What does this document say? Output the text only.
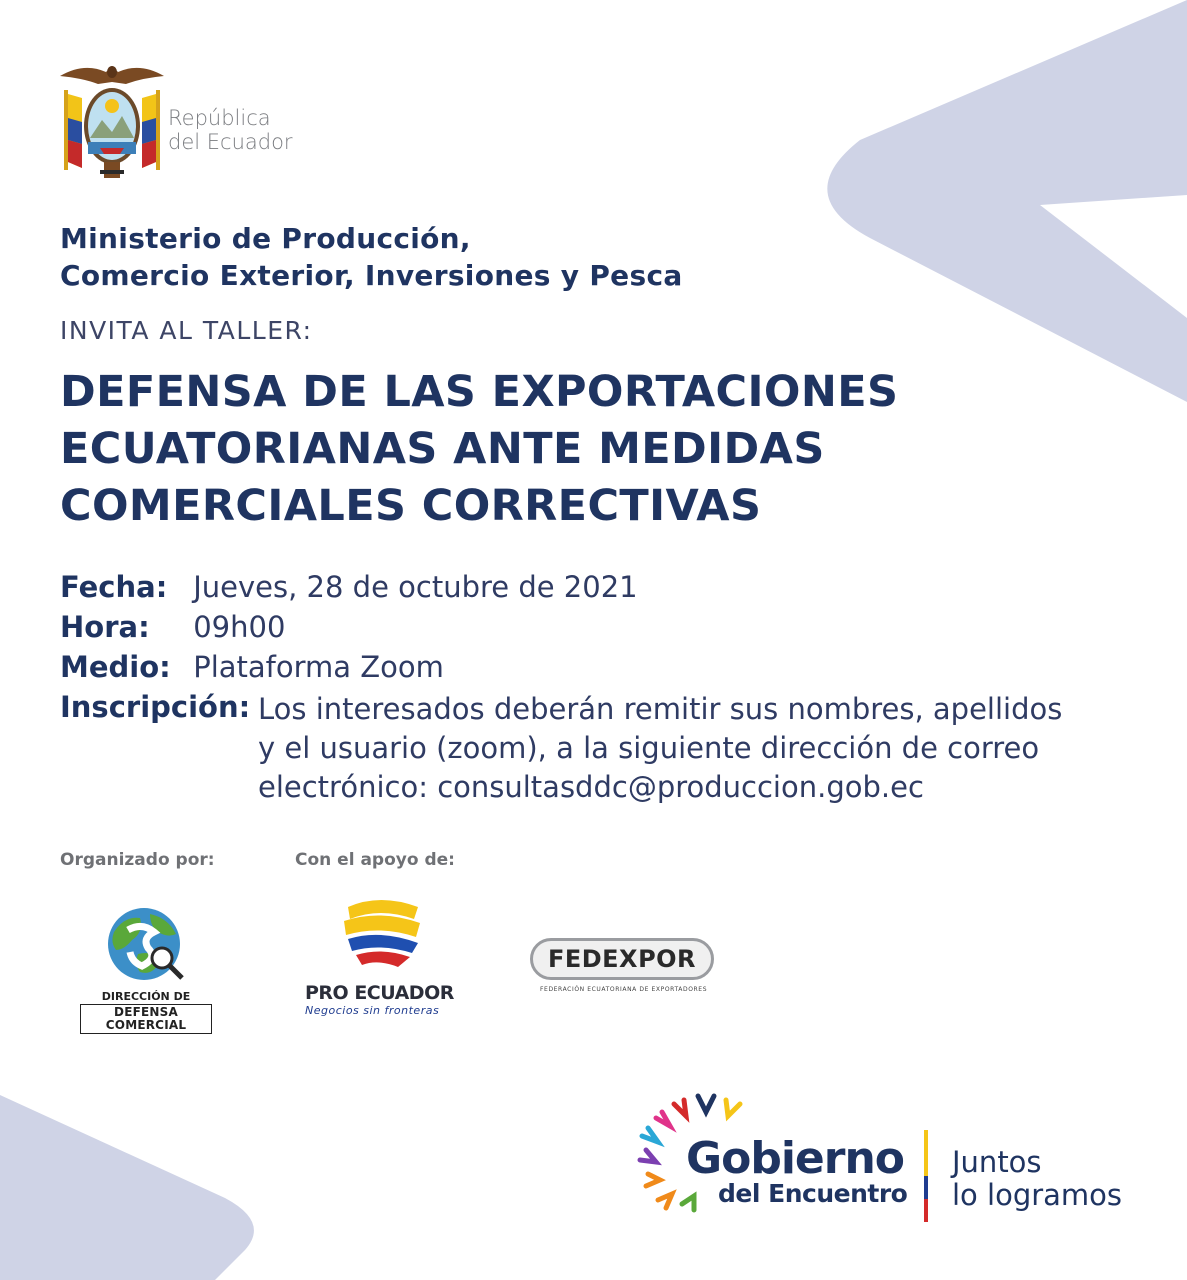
República
del Ecuador
Ministerio de Producción,
Comercio Exterior, Inversiones y Pesca
INVITA AL TALLER:
DEFENSA DE LAS EXPORTACIONES
ECUATORIANAS ANTE MEDIDAS
COMERCIALES CORRECTIVAS
Fecha: Jueves, 28 de octubre de 2021
Hora: 09h00
Medio: Plataforma Zoom
Inscripción: Los interesados deberán remitir sus nombres, apellidos
y el usuario (zoom), a la siguiente dirección de correo
electrónico: consultasddc@produccion.gob.ec
Organizado por:	Con el apoyo de:
DIRECCIÓN DE
DEFENSA COMERCIAL
PRO ECUADOR
Negocios sin fronteras
FEDEXPOR
FEDERACIÓN ECUATORIANA DE EXPORTADORES
Gobierno
del Encuentro
Juntos
lo logramos
